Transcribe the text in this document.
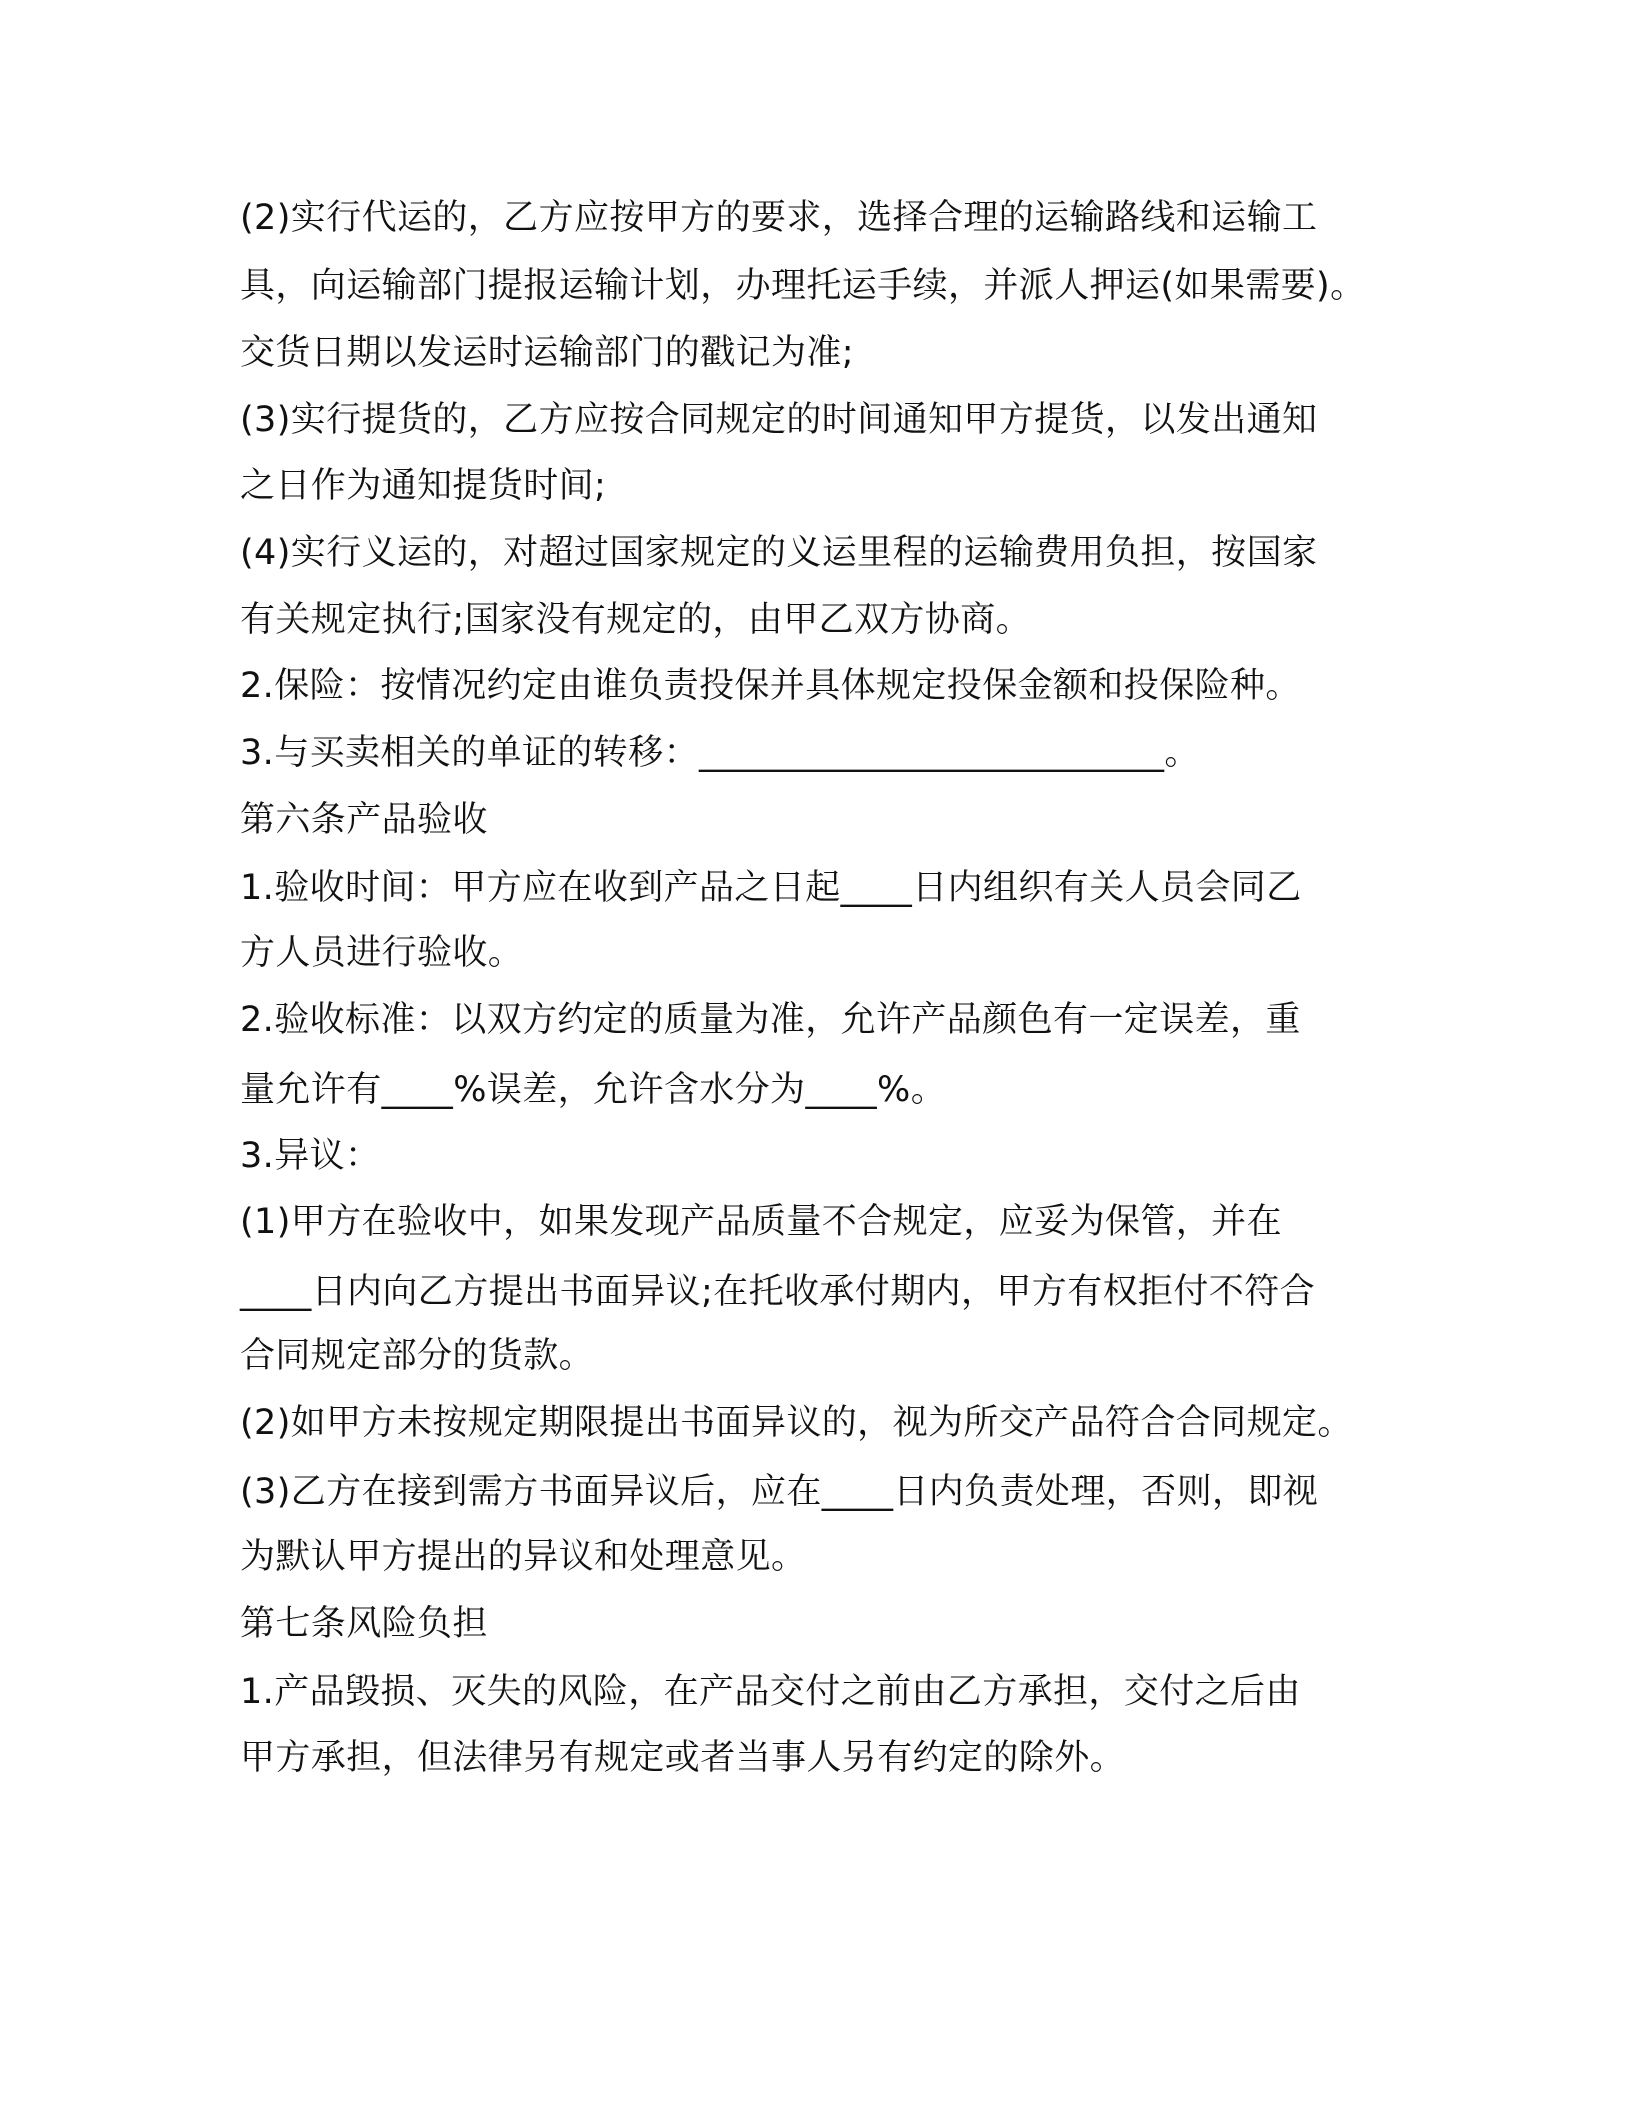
(2)实行代运的，乙方应按甲方的要求，选择合理的运输路线和运输工

具，向运输部门提报运输计划，办理托运手续，并派人押运(如果需要)。

交货日期以发运时运输部门的戳记为准;

(3)实行提货的，乙方应按合同规定的时间通知甲方提货，以发出通知

之日作为通知提货时间;

(4)实行义运的，对超过国家规定的义运里程的运输费用负担，按国家

有关规定执行;国家没有规定的，由甲乙双方协商。

2.保险：按情况约定由谁负责投保并具体规定投保金额和投保险种。

3.与买卖相关的单证的转移：__________________________。

第六条产品验收

1.验收时间：甲方应在收到产品之日起____日内组织有关人员会同乙

方人员进行验收。

2.验收标准：以双方约定的质量为准，允许产品颜色有一定误差，重

量允许有____%误差，允许含水分为____%。

3.异议：

(1)甲方在验收中，如果发现产品质量不合规定，应妥为保管，并在

____日内向乙方提出书面异议;在托收承付期内，甲方有权拒付不符合

合同规定部分的货款。

(2)如甲方未按规定期限提出书面异议的，视为所交产品符合合同规定。

(3)乙方在接到需方书面异议后，应在____日内负责处理，否则，即视

为默认甲方提出的异议和处理意见。

第七条风险负担

1.产品毁损、灭失的风险，在产品交付之前由乙方承担，交付之后由

甲方承担，但法律另有规定或者当事人另有约定的除外。
